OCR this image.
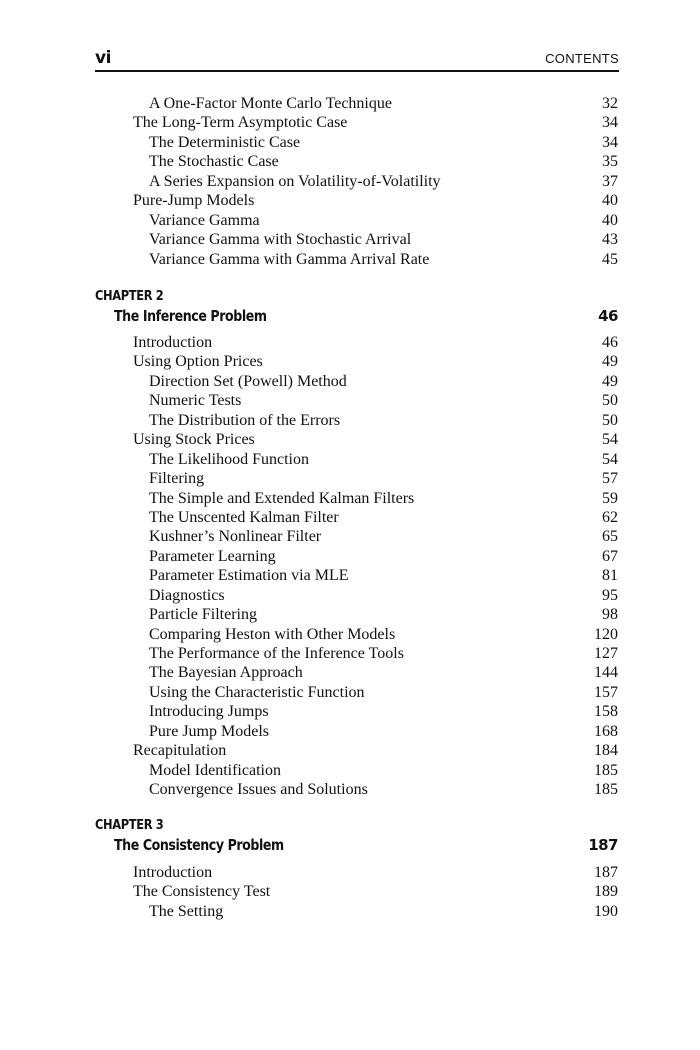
vi	CONTENTS
A One-Factor Monte Carlo Technique	32
The Long-Term Asymptotic Case	34
The Deterministic Case	34
The Stochastic Case	35
A Series Expansion on Volatility-of-Volatility	37
Pure-Jump Models	40
Variance Gamma	40
Variance Gamma with Stochastic Arrival	43
Variance Gamma with Gamma Arrival Rate	45
CHAPTER 2
The Inference Problem	46
Introduction	46
Using Option Prices	49
Direction Set (Powell) Method	49
Numeric Tests	50
The Distribution of the Errors	50
Using Stock Prices	54
The Likelihood Function	54
Filtering	57
The Simple and Extended Kalman Filters	59
The Unscented Kalman Filter	62
Kushner’s Nonlinear Filter	65
Parameter Learning	67
Parameter Estimation via MLE	81
Diagnostics	95
Particle Filtering	98
Comparing Heston with Other Models	120
The Performance of the Inference Tools	127
The Bayesian Approach	144
Using the Characteristic Function	157
Introducing Jumps	158
Pure Jump Models	168
Recapitulation	184
Model Identification	185
Convergence Issues and Solutions	185
CHAPTER 3
The Consistency Problem	187
Introduction	187
The Consistency Test	189
The Setting	190
